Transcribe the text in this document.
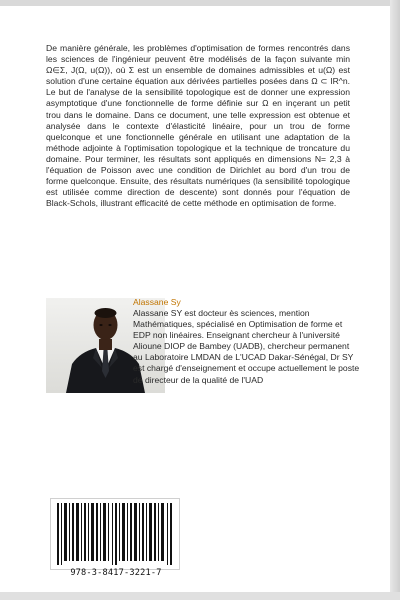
De manière générale, les problèmes d'optimisation de formes rencontrés dans les sciences de l'ingénieur peuvent être modélisés de la façon suivante min Ω∈Σ, J(Ω, u(Ω)), où Σ est un ensemble de domaines admissibles et u(Ω) est solution d'une certaine équation aux dérivées partielles posées dans Ω ⊂ IR^n. Le but de l'analyse de la sensibilité topologique est de donner une expression asymptotique d'une fonctionnelle de forme définie sur Ω en inçerant un petit trou dans le domaine. Dans ce document, une telle expression est obtenue et analysée dans le contexte d'élasticité linéaire, pour un trou de forme quelconque et une fonctionnelle générale en utilisant une adaptation de la méthode adjointe à l'optimisation topologique et la technique de troncature du domaine. Pour terminer, les résultats sont appliqués en dimensions N= 2,3 à l'équation de Poisson avec une condition de Dirichlet au bord d'un trou de forme quelconque. Ensuite, des résultats numériques (la sensibilité topologique est utilisée comme direction de descente) sont donnés pour l'équation de Black-Schols, illustrant efficacité de cette méthode en optimisation de forme.
Alassane Sy
Alassane SY est docteur ès sciences, mention Mathématiques, spécialisé en Optimisation de forme et EDP non linéaires. Enseignant chercheur à l'université Alioune DIOP de Bambey (UADB), chercheur permanent au Laboratoire LMDAN de L'UCAD Dakar-Sénégal, Dr SY est chargé d'enseignement et occupe actuellement le poste de directeur de la qualité de l'UAD
978-3-8417-3221-7
